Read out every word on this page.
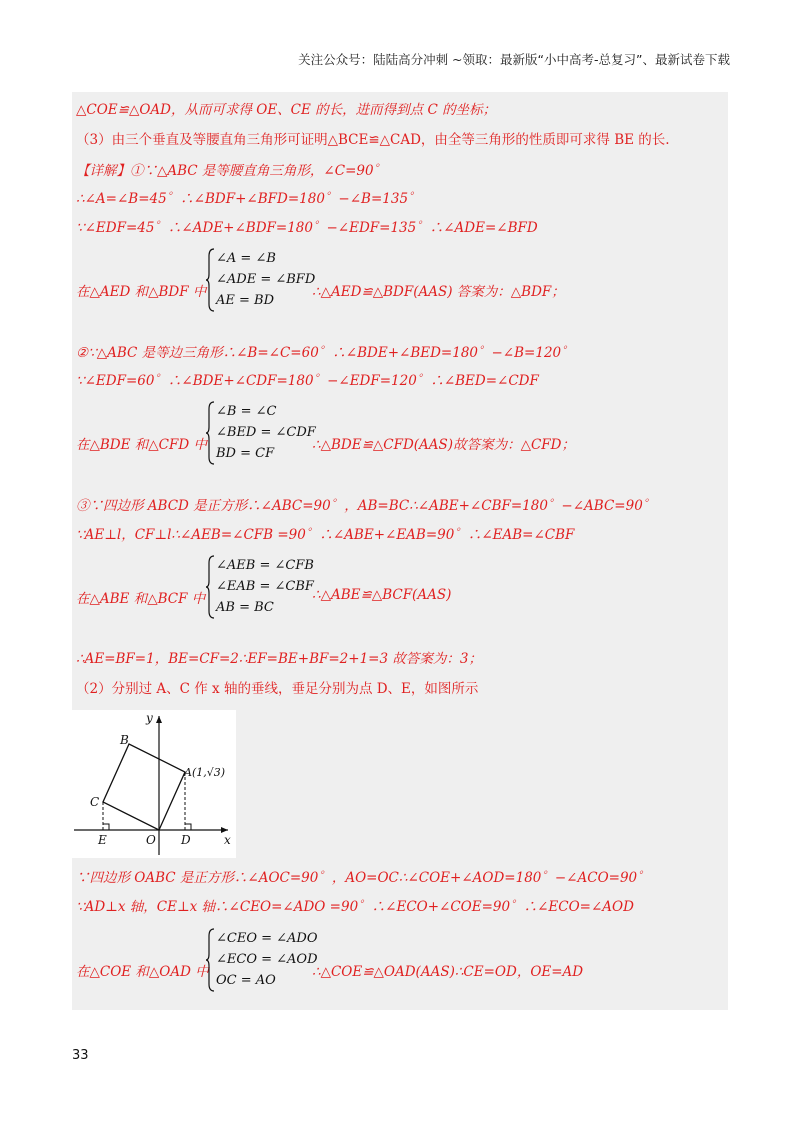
关注公众号：陆陆高分冲刺 ~领取：最新版“小中高考-总复习”、最新试卷下载
△COE≌△OAD，从而可求得 OE、CE 的长，进而得到点 C 的坐标；
（3）由三个垂直及等腰直角三角形可证明△BCE≌△CAD，由全等三角形的性质即可求得 BE 的长.
【详解】①∵△ABC 是等腰直角三角形，∠C=90゜
∴∠A=∠B=45゜∴∠BDF+∠BFD=180゜−∠B=135゜
∵∠EDF=45゜∴∠ADE+∠BDF=180゜−∠EDF=135゜∴∠ADE=∠BFD
在△AED 和△BDF 中
∠A = ∠B
∠ADE = ∠BFD
AE = BD
∴△AED≌△BDF(AAS) 答案为：△BDF；
②∵△ABC 是等边三角形∴∠B=∠C=60゜∴∠BDE+∠BED=180゜−∠B=120゜
∵∠EDF=60゜∴∠BDE+∠CDF=180゜−∠EDF=120゜∴∠BED=∠CDF
在△BDE 和△CFD 中
∠B = ∠C
∠BED = ∠CDF
BD = CF
∴△BDE≌△CFD(AAS)故答案为：△CFD；
③∵四边形 ABCD 是正方形∴∠ABC=90゜，AB=BC∴∠ABE+∠CBF=180゜−∠ABC=90゜
∵AE⊥l，CF⊥l∴∠AEB=∠CFB =90゜∴∠ABE+∠EAB=90゜∴∠EAB=∠CBF
在△ABE 和△BCF 中
∠AEB = ∠CFB
∠EAB = ∠CBF
AB = BC
∴△ABE≌△BCF(AAS)
∴AE=BF=1，BE=CF=2∴EF=BE+BF=2+1=3 故答案为：3；
（2）分别过 A、C 作 x 轴的垂线，垂足分别为点 D、E，如图所示
y
x
B
A(1,√3)
C
E	O D
∵四边形 OABC 是正方形∴∠AOC=90゜，AO=OC∴∠COE+∠AOD=180゜−∠ACO=90゜
∵AD⊥x 轴，CE⊥x 轴∴∠CEO=∠ADO =90゜∴∠ECO+∠COE=90゜∴∠ECO=∠AOD
在△COE 和△OAD 中
∠CEO = ∠ADO
∠ECO = ∠AOD
OC = AO
∴△COE≌△OAD(AAS)∴CE=OD，OE=AD
33
